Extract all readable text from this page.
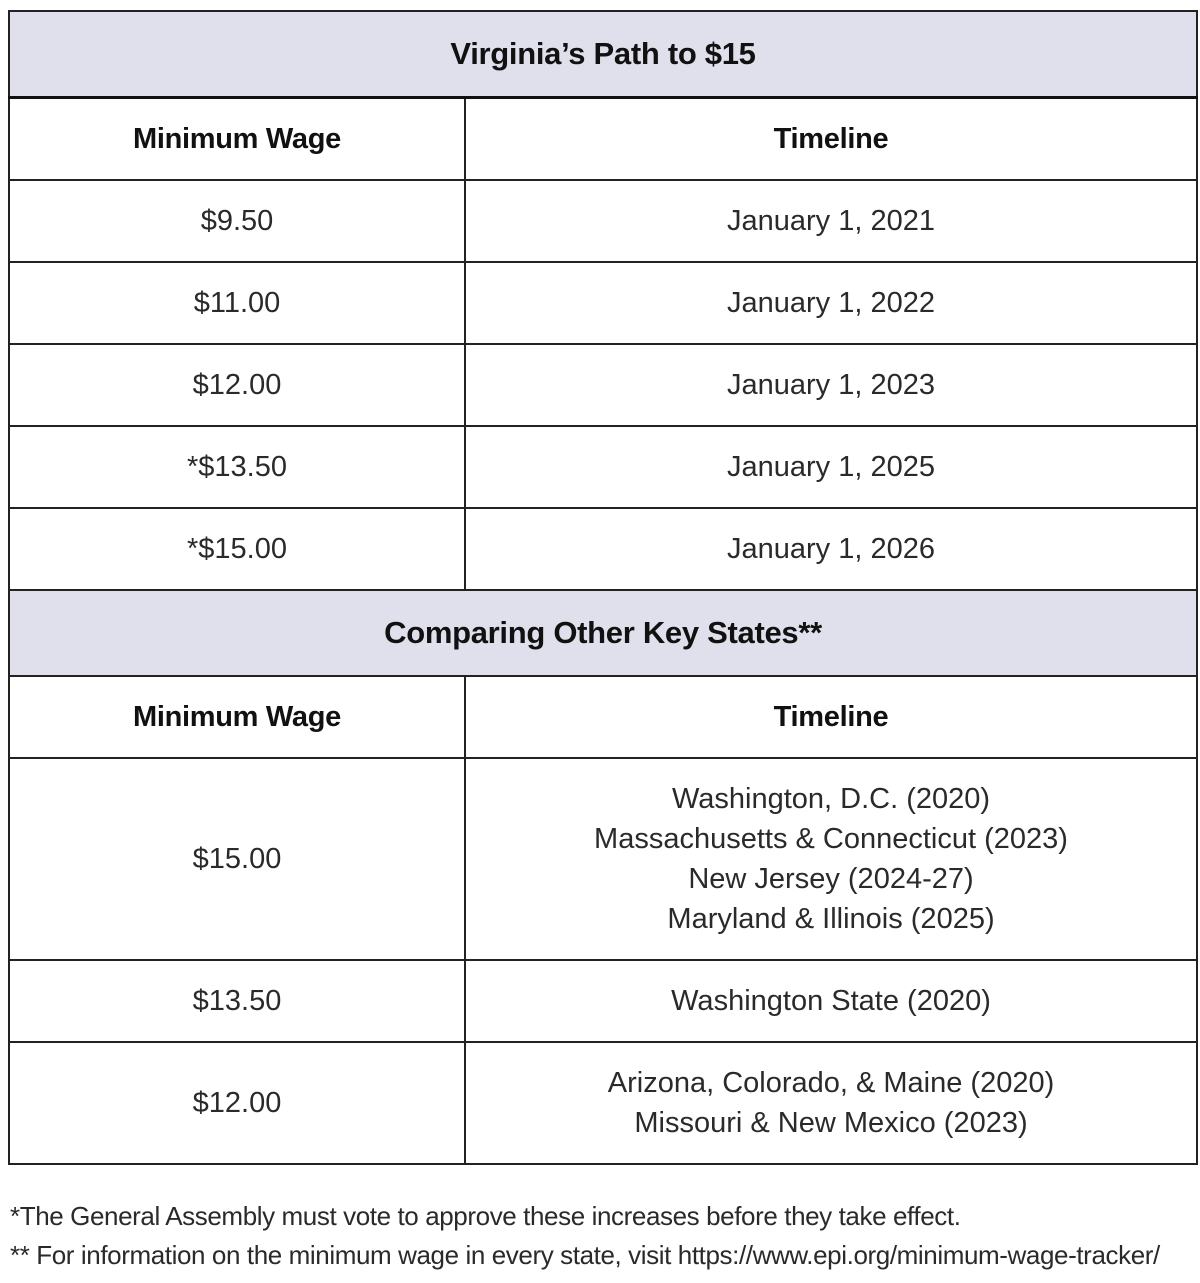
Virginia’s Path to $15	
Minimum Wage	Timeline
$9.50	January 1, 2021
$11.00	January 1, 2022
$12.00	January 1, 2023
*$13.50	January 1, 2025
*$15.00	January 1, 2026
Comparing Other Key States**	
Minimum Wage	Timeline
$15.00	Washington, D.C. (2020)
Massachusetts & Connecticut (2023)
New Jersey (2024-27)
Maryland & Illinois (2025)

$13.50	Washington State (2020)

$12.00	Arizona, Colorado, & Maine (2020)
Missouri & New Mexico (2023)
*The General Assembly must vote to approve these increases before they take effect.
** For information on the minimum wage in every state, visit https://www.epi.org/minimum-wage-tracker/
